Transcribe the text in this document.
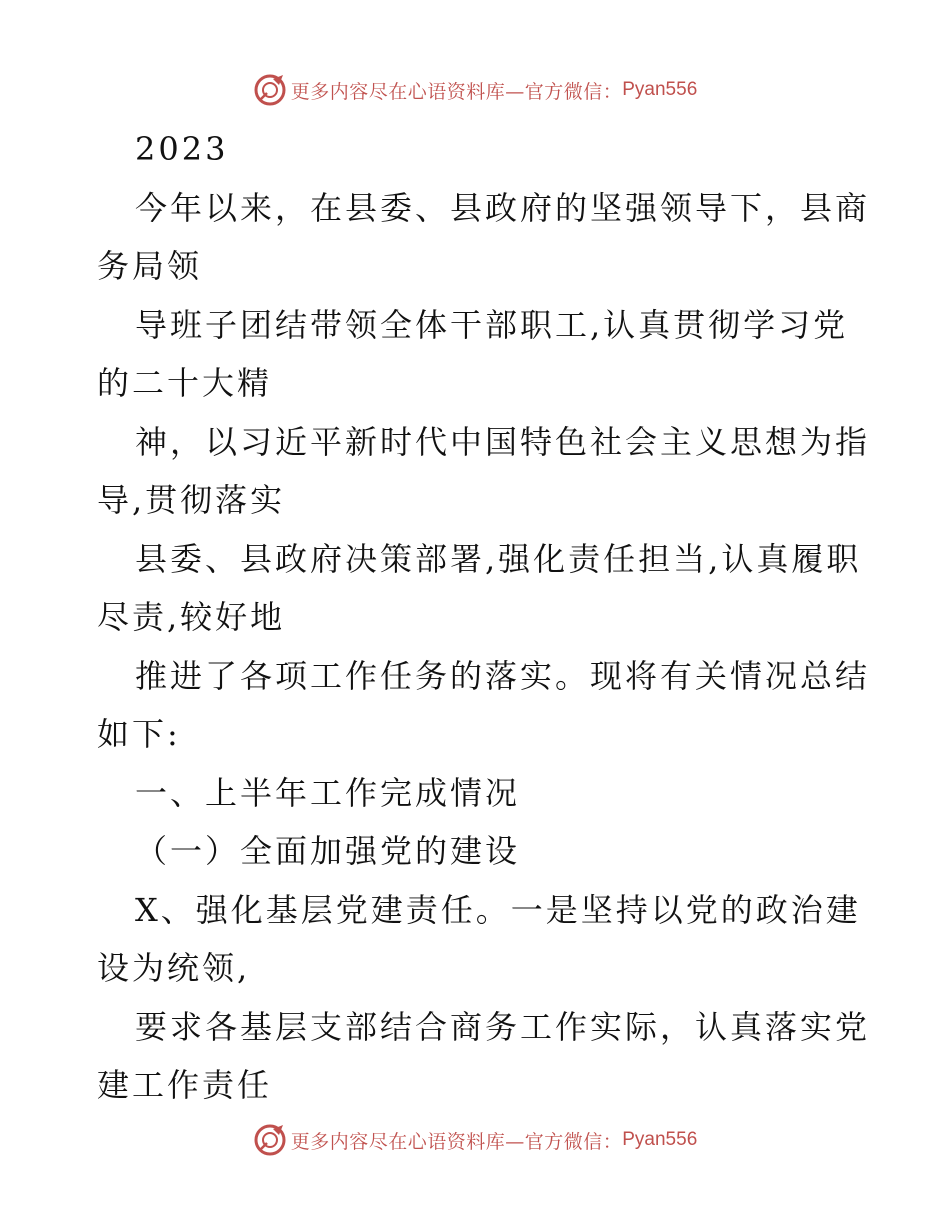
更多内容尽在心语资料库—官方微信： Pyan556
2023
今年以来，在县委、县政府的坚强领导下，县商
务局领
导班子团结带领全体干部职工,认真贯彻学习党
的二十大精
神，以习近平新时代中国特色社会主义思想为指
导,贯彻落实
县委、县政府决策部署,强化责任担当,认真履职
尽责,较好地
推进了各项工作任务的落实。现将有关情况总结
如下:
一、上半年工作完成情况
（一）全面加强党的建设
X、强化基层党建责任。一是坚持以党的政治建
设为统领,
要求各基层支部结合商务工作实际，认真落实党
建工作责任
更多内容尽在心语资料库—官方微信： Pyan556
